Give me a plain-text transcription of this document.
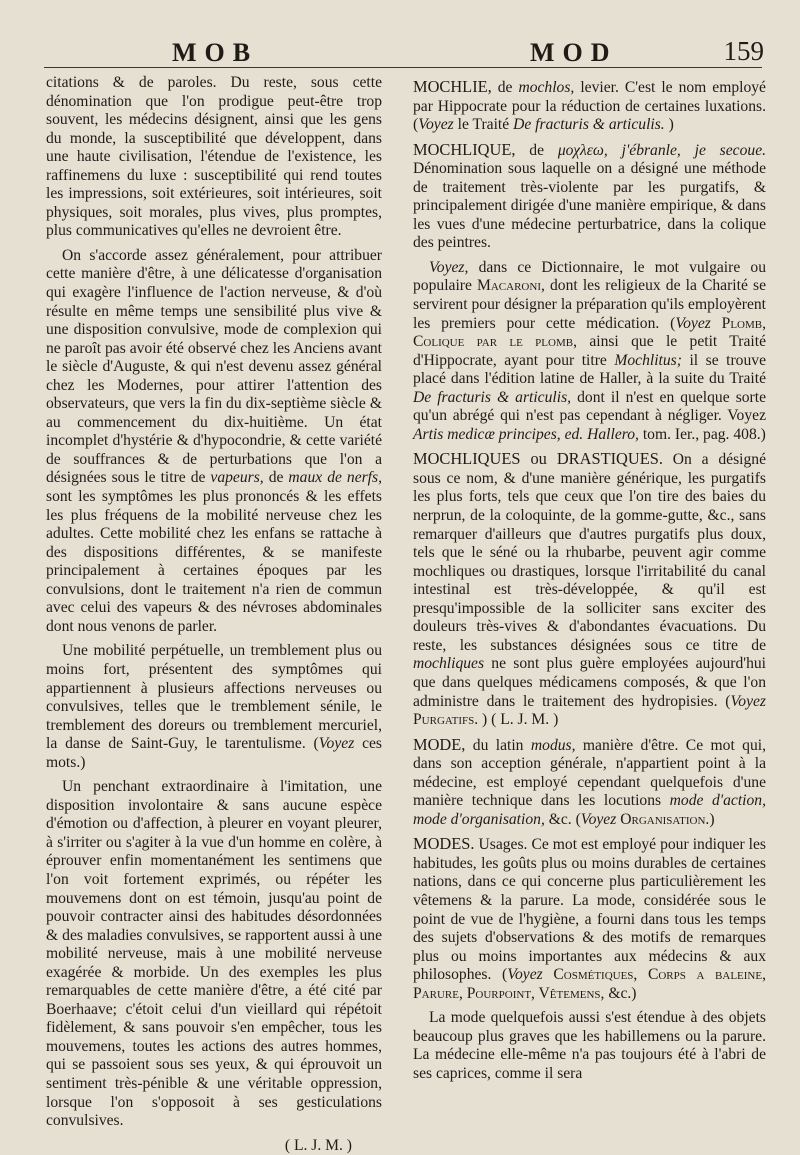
MOB	MOD	159

citations & de paroles. Du reste, sous cette dénomination que l'on prodigue peut-être trop souvent, les médecins désignent, ainsi que les gens du monde, la susceptibilité que développent, dans une haute civilisation, l'étendue de l'existence, les raffinemens du luxe : susceptibilité qui rend toutes les impressions, soit extérieures, soit intérieures, soit physiques, soit morales, plus vives, plus promptes, plus communicatives qu'elles ne devroient être.

On s'accorde assez généralement, pour attribuer cette manière d'être, à une délicatesse d'organisation qui exagère l'influence de l'action nerveuse, & d'où résulte en même temps une sensibilité plus vive & une disposition convulsive, mode de complexion qui ne paroît pas avoir été observé chez les Anciens avant le siècle d'Auguste, & qui n'est devenu assez général chez les Modernes, pour attirer l'attention des observateurs, que vers la fin du dix-septième siècle & au commencement du dix-huitième. Un état incomplet d'hystérie & d'hypocondrie, & cette variété de souffrances & de perturbations que l'on a désignées sous le titre de vapeurs, de maux de nerfs, sont les symptômes les plus prononcés & les effets les plus fréquens de la mobilité nerveuse chez les adultes. Cette mobilité chez les enfans se rattache à des dispositions différentes, & se manifeste principalement à certaines époques par les convulsions, dont le traitement n'a rien de commun avec celui des vapeurs & des névroses abdominales dont nous venons de parler.

Une mobilité perpétuelle, un tremblement plus ou moins fort, présentent des symptômes qui appartiennent à plusieurs affections nerveuses ou convulsives, telles que le tremblement sénile, le tremblement des doreurs ou tremblement mercuriel, la danse de Saint-Guy, le tarentulisme. (Voyez ces mots.)

Un penchant extraordinaire à l'imitation, une disposition involontaire & sans aucune espèce d'émotion ou d'affection, à pleurer en voyant pleurer, à s'irriter ou s'agiter à la vue d'un homme en colère, à éprouver enfin momentanément les sentimens que l'on voit fortement exprimés, ou répéter les mouvemens dont on est témoin, jusqu'au point de pouvoir contracter ainsi des habitudes désordonnées & des maladies convulsives, se rapportent aussi à une mobilité nerveuse, mais à une mobilité nerveuse exagérée & morbide. Un des exemples les plus remarquables de cette manière d'être, a été cité par Boerhaave; c'étoit celui d'un vieillard qui répétoit fidèlement, & sans pouvoir s'en empêcher, tous les mouvemens, toutes les actions des autres hommes, qui se passoient sous ses yeux, & qui éprouvoit un sentiment très-pénible & une véritable oppression, lorsque l'on s'opposoit à ses gesticulations convulsives.

( L. J. M. )

MOCHLIE, de mochlos, levier. C'est le nom employé par Hippocrate pour la réduction de certaines luxations. (Voyez le Traité De fracturis & articulis. )

MOCHLIQUE, de μοχλεω, j'ébranle, je secoue. Dénomination sous laquelle on a désigné une méthode de traitement très-violente par les purgatifs, & principalement dirigée d'une manière empirique, & dans les vues d'une médecine perturbatrice, dans la colique des peintres.

Voyez, dans ce Dictionnaire, le mot vulgaire ou populaire Macaroni, dont les religieux de la Charité se servirent pour désigner la préparation qu'ils employèrent les premiers pour cette médication. (Voyez Plomb, Colique par le plomb, ainsi que le petit Traité d'Hippocrate, ayant pour titre Mochlitus; il se trouve placé dans l'édition latine de Haller, à la suite du Traité De fracturis & articulis, dont il n'est en quelque sorte qu'un abrégé qui n'est pas cependant à négliger. Voyez Artis medicæ principes, ed. Hallero, tom. Ier., pag. 408.)

MOCHLIQUES ou DRASTIQUES. On a désigné sous ce nom, & d'une manière générique, les purgatifs les plus forts, tels que ceux que l'on tire des baies du nerprun, de la coloquinte, de la gomme-gutte, &c., sans remarquer d'ailleurs que d'autres purgatifs plus doux, tels que le séné ou la rhubarbe, peuvent agir comme mochliques ou drastiques, lorsque l'irritabilité du canal intestinal est très-développée, & qu'il est presqu'impossible de la solliciter sans exciter des douleurs très-vives & d'abondantes évacuations. Du reste, les substances désignées sous ce titre de mochliques ne sont plus guère employées aujourd'hui que dans quelques médicamens composés, & que l'on administre dans le traitement des hydropisies. (Voyez Purgatifs. ) ( L. J. M. )

MODE, du latin modus, manière d'être. Ce mot qui, dans son acception générale, n'appartient point à la médecine, est employé cependant quelquefois d'une manière technique dans les locutions mode d'action, mode d'organisation, &c. (Voyez Organisation.)

MODES. Usages. Ce mot est employé pour indiquer les habitudes, les goûts plus ou moins durables de certaines nations, dans ce qui concerne plus particulièrement les vêtemens & la parure. La mode, considérée sous le point de vue de l'hygiène, a fourni dans tous les temps des sujets d'observations & des motifs de remarques plus ou moins importantes aux médecins & aux philosophes. (Voyez Cosmétiques, Corps a baleine, Parure, Pourpoint, Vêtemens, &c.)

La mode quelquefois aussi s'est étendue à des objets beaucoup plus graves que les habillemens ou la parure. La médecine elle-même n'a pas toujours été à l'abri de ses caprices, comme il sera
